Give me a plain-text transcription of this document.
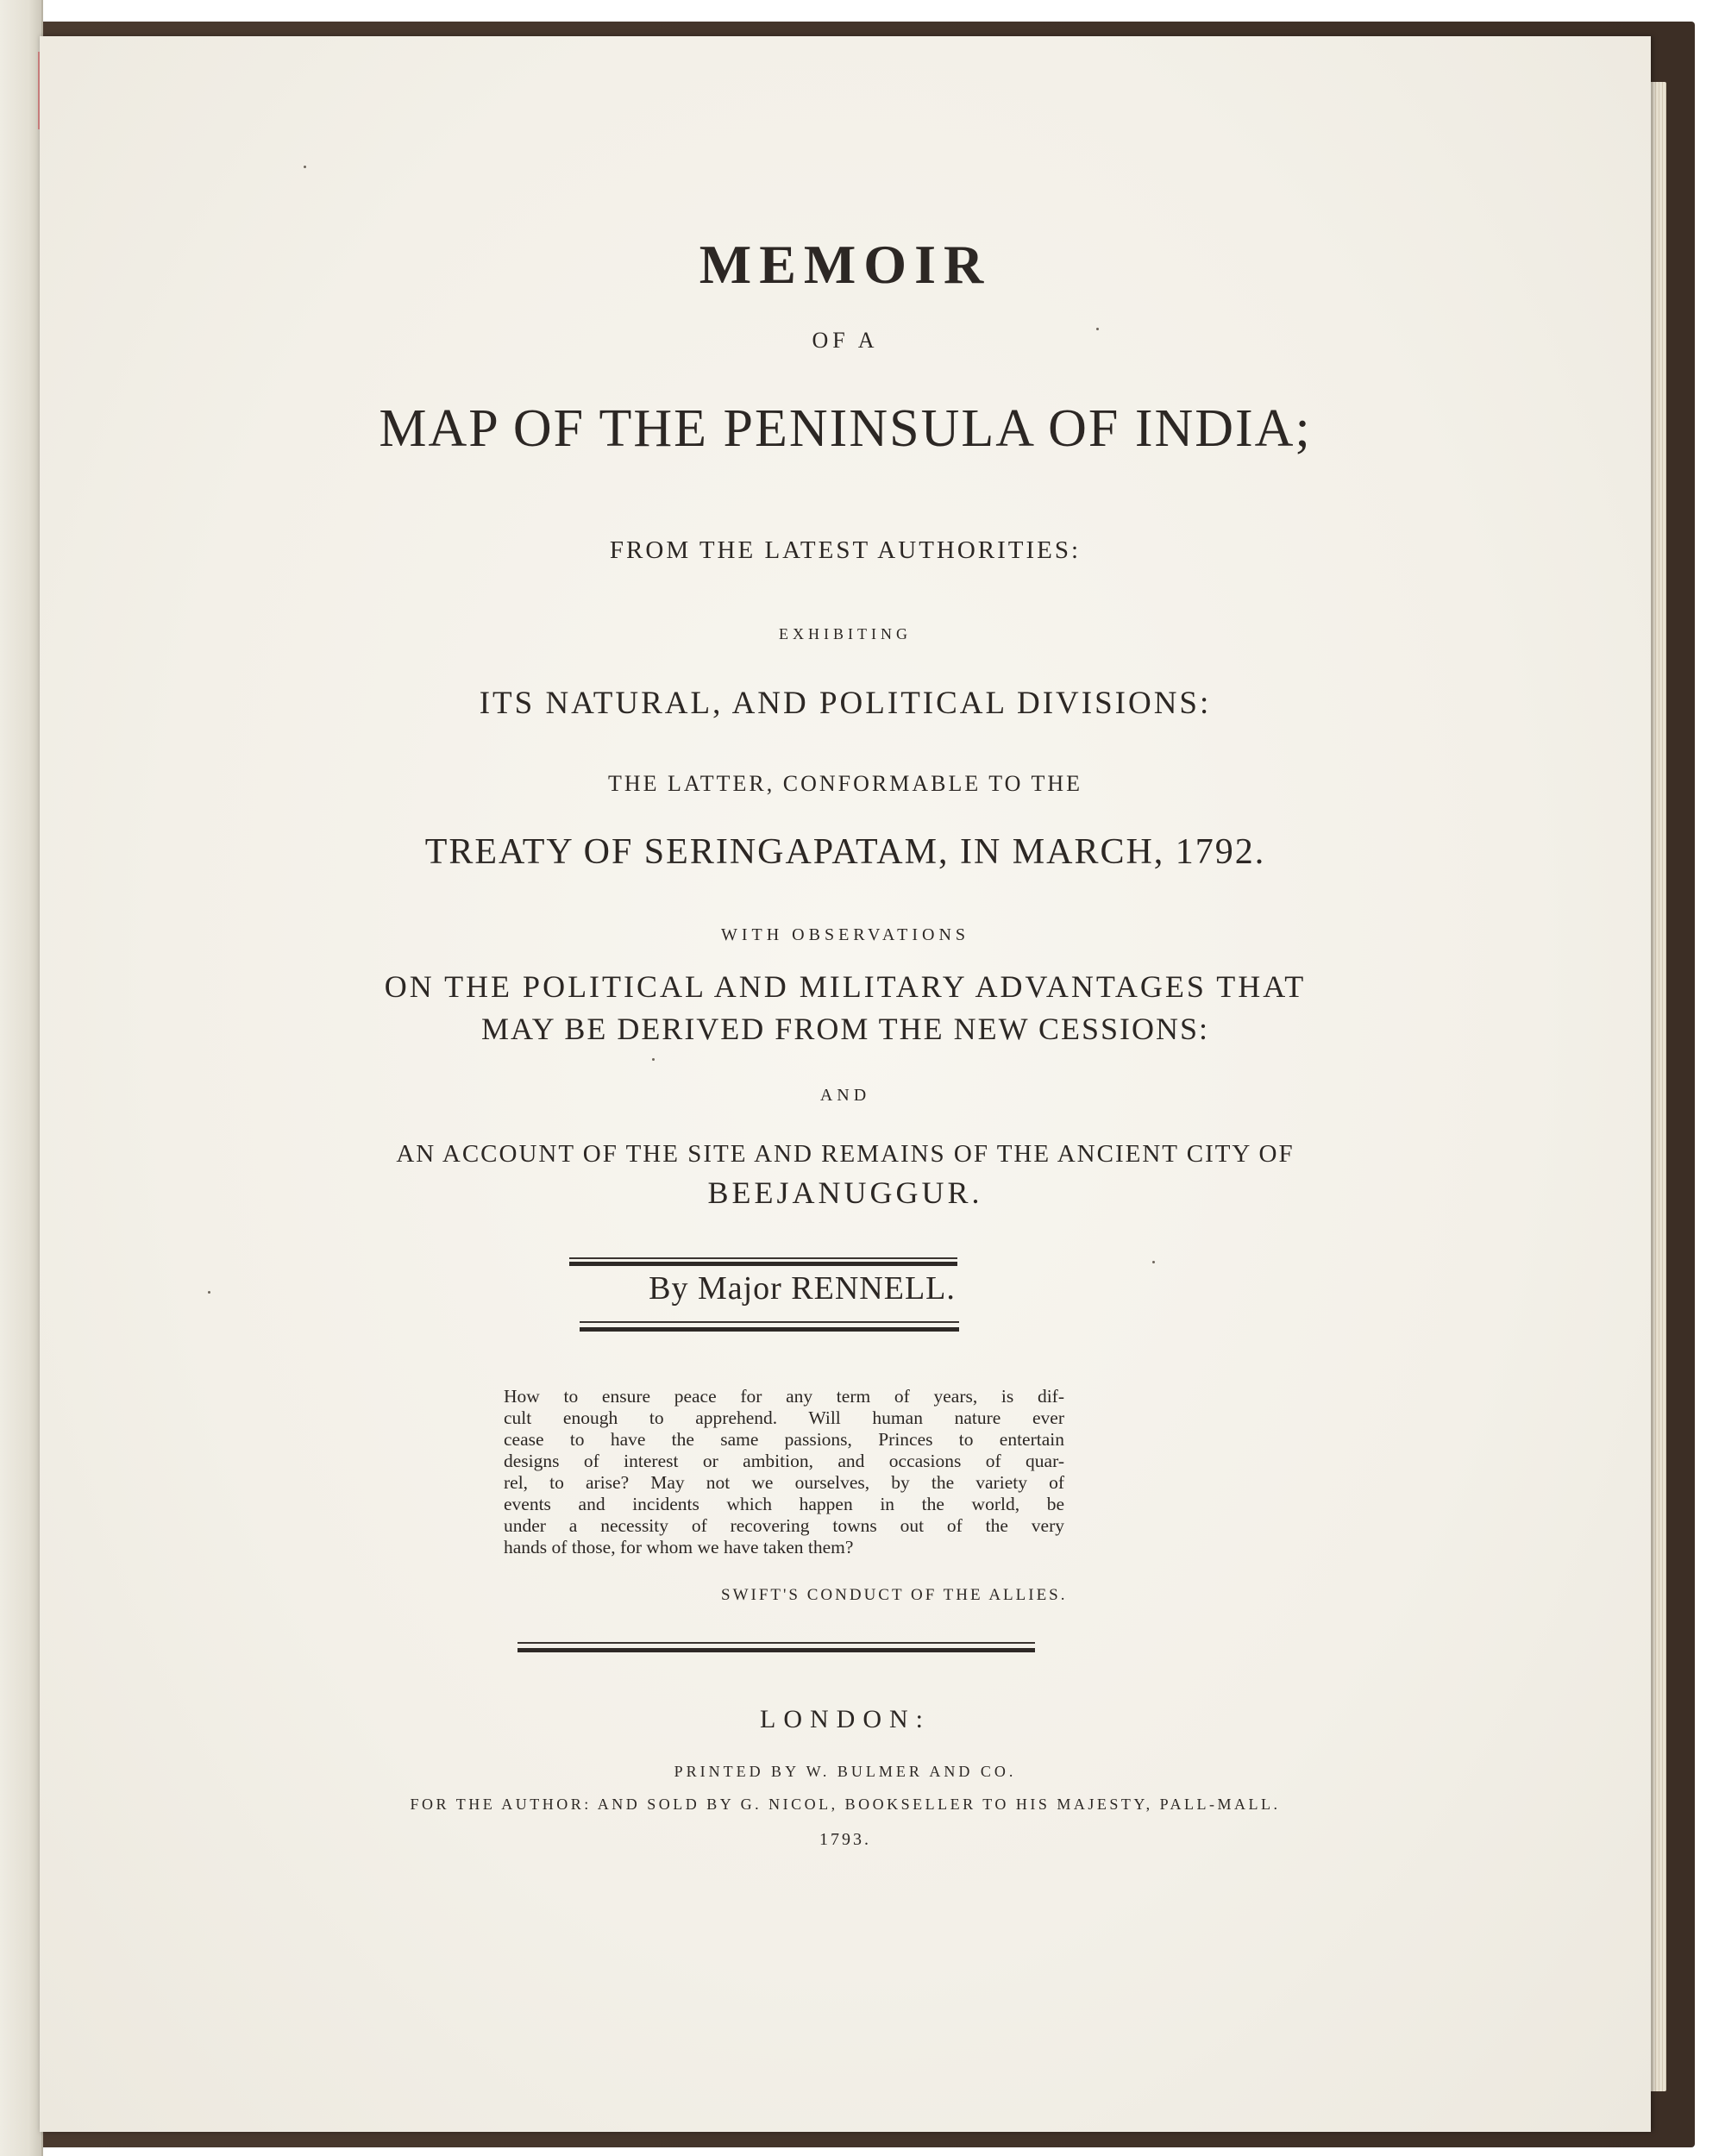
MEMOIR
OF A
MAP OF THE PENINSULA OF INDIA;
FROM THE LATEST AUTHORITIES:
EXHIBITING
ITS NATURAL, AND POLITICAL DIVISIONS:
THE LATTER, CONFORMABLE TO THE
TREATY OF SERINGAPATAM, IN MARCH, 1792.
WITH OBSERVATIONS
ON THE POLITICAL AND MILITARY ADVANTAGES THAT
MAY BE DERIVED FROM THE NEW CESSIONS:
AND
AN ACCOUNT OF THE SITE AND REMAINS OF THE ANCIENT CITY OF
BEEJANUGGUR.
By Major RENNELL.
How to ensure peace for any term of years, is dif-
cult enough to apprehend. Will human nature ever
cease to have the same passions, Princes to entertain
designs of interest or ambition, and occasions of quar-
rel, to arise? May not we ourselves, by the variety of
events and incidents which happen in the world, be
under a necessity of recovering towns out of the very
hands of those, for whom we have taken them?
SWIFT'S CONDUCT OF THE ALLIES.
LONDON:
PRINTED BY W. BULMER AND CO.
FOR THE AUTHOR: AND SOLD BY G. NICOL, BOOKSELLER TO HIS MAJESTY, PALL-MALL.
1793.
